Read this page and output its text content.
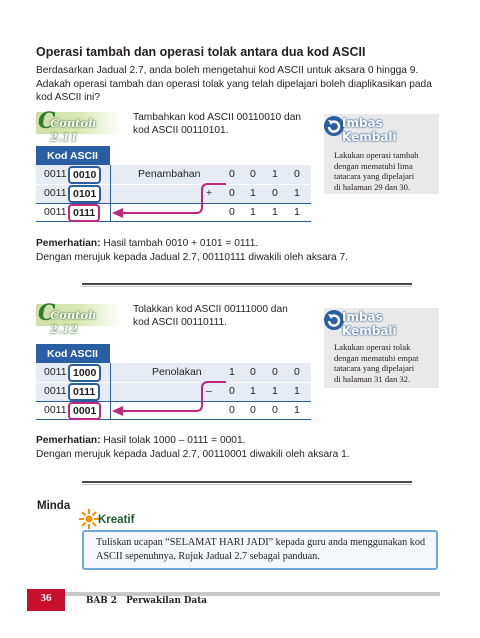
Operasi tambah dan operasi tolak antara dua kod ASCII
Berdasarkan Jadual 2.7, anda boleh mengetahui kod ASCII untuk aksara 0 hingga 9. Adakah operasi tambah dan operasi tolak yang telah dipelajari boleh diaplikasikan pada kod ASCII ini?
C
Contoh 2.11
Tambahkan kod ASCII 00110010 dan
kod ASCII 00110101.
Kod ASCII
0011 0010
0011 0101
0011 0111
Penambahan
+
0 0 1 0
0 1 0 1
0 1 1 1
Pemerhatian: Hasil tambah 0010 + 0101 = 0111.
Dengan merujuk kepada Jadual 2.7, 00110111 diwakili oleh aksara 7.
Imbas Kembali
Lakukan operasi tambah
dengan mematuhi lima
tatacara yang dipelajari
di halaman 29 dan 30.
C
Contoh 2.12
Tolakkan kod ASCII 00111000 dan
kod ASCII 00110111.
Kod ASCII
0011 1000
0011 0111
0011 0001
Penolakan
–
1 0 0 0
0 1 1 1
0 0 0 1
Pemerhatian: Hasil tolak 1000 – 0111 = 0001.
Dengan merujuk kepada Jadual 2.7, 00110001 diwakili oleh aksara 1.
Imbas Kembali
Lakukan operasi tolak
dengan mematuhi empat
tatacara yang dipelajari
di halaman 31 dan 32.
Minda
Kreatif
Tuliskan ucapan “SELAMAT HARI JADI” kepada guru anda menggunakan kod ASCII sepenuhnya. Rujuk Jadual 2.7 sebagai panduan.
36	BAB 2 Perwakilan Data
